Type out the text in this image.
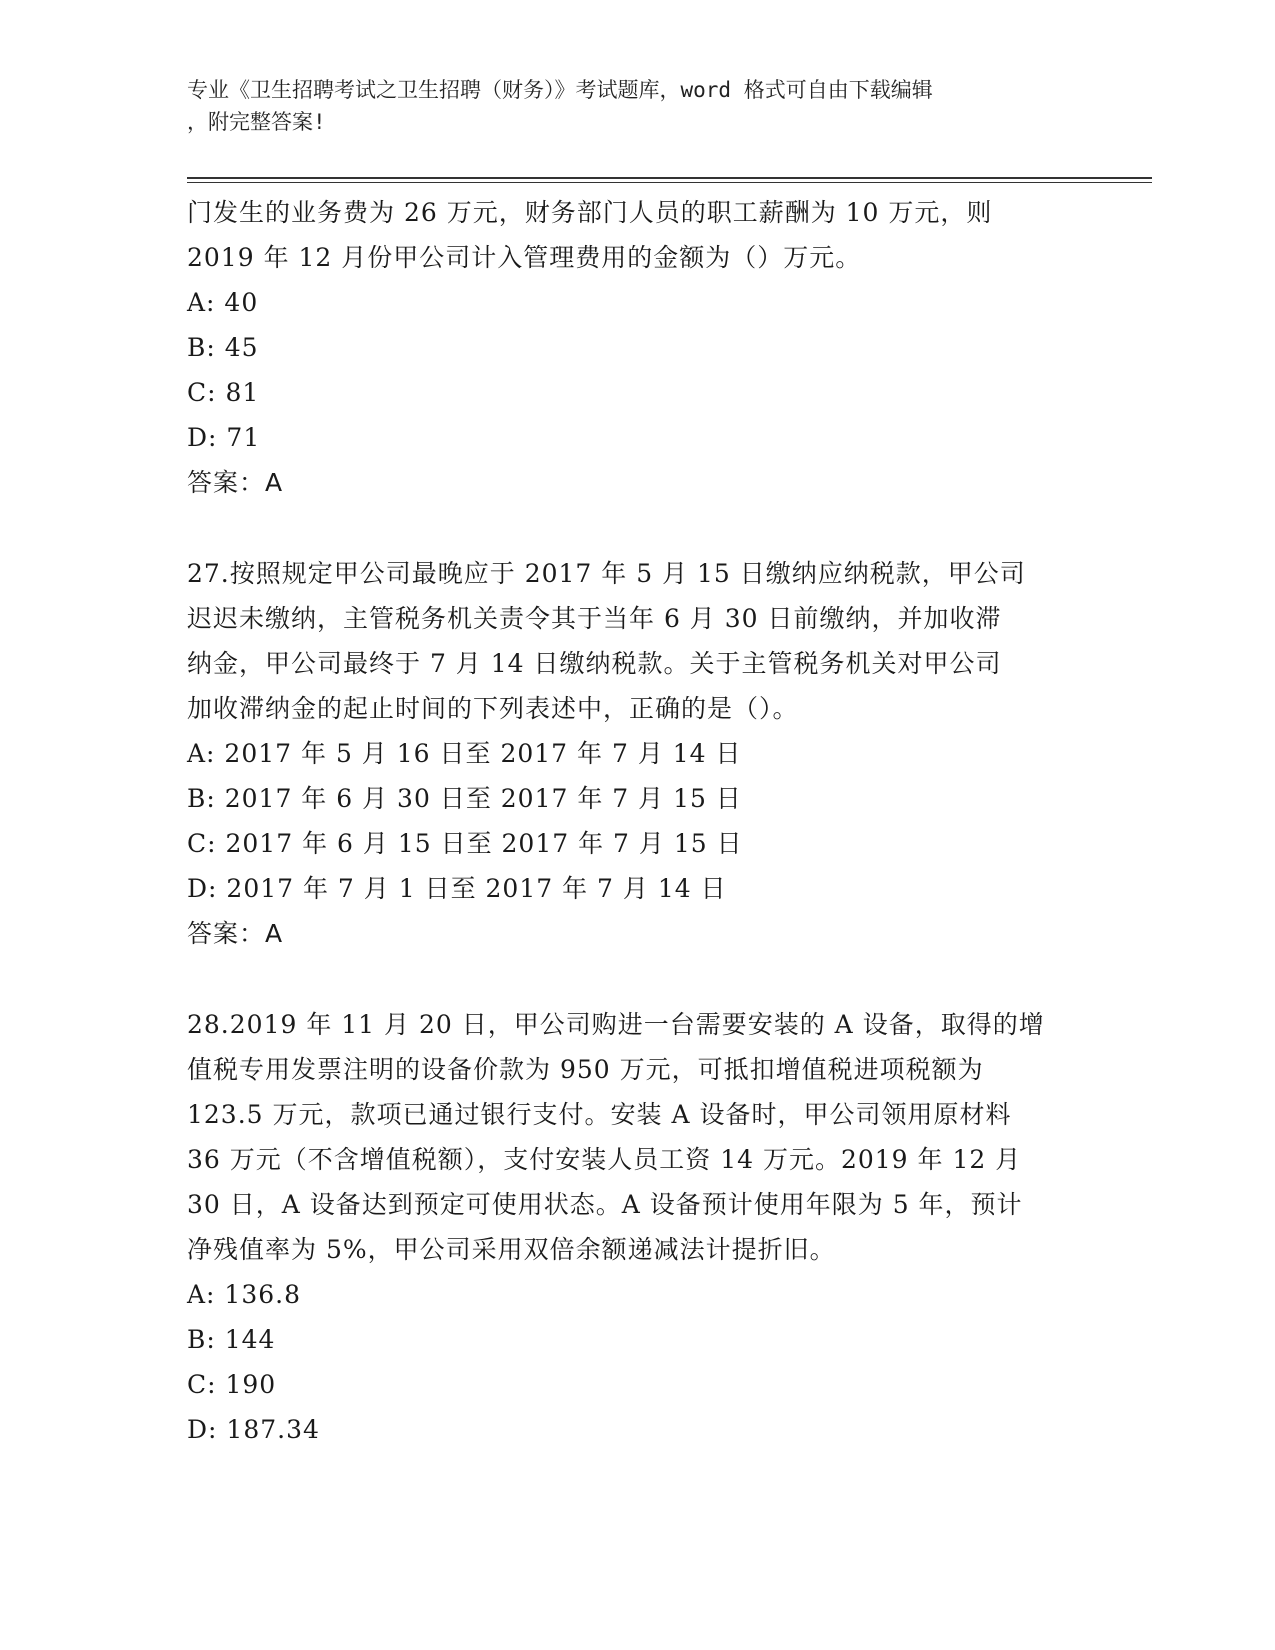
专业《卫生招聘考试之卫生招聘（财务）》考试题库，word 格式可自由下载编辑
，附完整答案!

门发生的业务费为 26 万元，财务部门人员的职工薪酬为 10 万元，则

2019 年 12 月份甲公司计入管理费用的金额为（）万元。

A: 40

B: 45

C: 81

D: 71

答案：A

27.按照规定甲公司最晚应于 2017 年 5 月 15 日缴纳应纳税款，甲公司

迟迟未缴纳，主管税务机关责令其于当年 6 月 30 日前缴纳，并加收滞

纳金，甲公司最终于 7 月 14 日缴纳税款。关于主管税务机关对甲公司

加收滞纳金的起止时间的下列表述中，正确的是（）。

A: 2017 年 5 月 16 日至 2017 年 7 月 14 日

B: 2017 年 6 月 30 日至 2017 年 7 月 15 日

C: 2017 年 6 月 15 日至 2017 年 7 月 15 日

D: 2017 年 7 月 1 日至 2017 年 7 月 14 日

答案：A

28.2019 年 11 月 20 日，甲公司购进一台需要安装的 A 设备，取得的增

值税专用发票注明的设备价款为 950 万元，可抵扣增值税进项税额为

123.5 万元，款项已通过银行支付。安装 A 设备时，甲公司领用原材料

36 万元（不含增值税额），支付安装人员工资 14 万元。2019 年 12 月

30 日，A 设备达到预定可使用状态。A 设备预计使用年限为 5 年，预计

净残值率为 5%，甲公司采用双倍余额递减法计提折旧。

A: 136.8

B: 144

C: 190

D: 187.34
